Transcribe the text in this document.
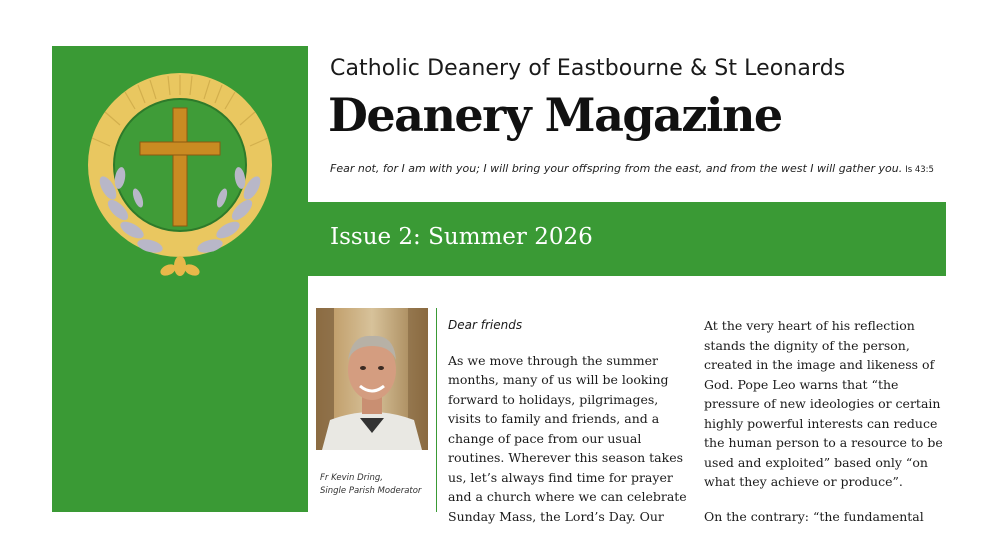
Catholic Deanery of Eastbourne & St Leonards
Deanery Magazine
Fear not, for I am with you; I will bring your offspring from the east, and from the west I will gather you. Is 43:5
Issue 2: Summer 2026
Fr Kevin Dring,
Single Parish Moderator

Dear friends

As we move through the summer months, many of us will be looking forward to holidays, pilgrimages, visits to family and friends, and a change of pace from our usual routines. Wherever this season takes us, let’s always find time for prayer and a church where we can celebrate Sunday Mass, the Lord’s Day. Our

At the very heart of his reflection stands the dignity of the person, created in the image and likeness of God. Pope Leo warns that “the pressure of new ideologies or certain highly powerful interests can reduce the human person to a resource to be used and exploited” based only “on what they achieve or produce”.

On the contrary: “the fundamental
